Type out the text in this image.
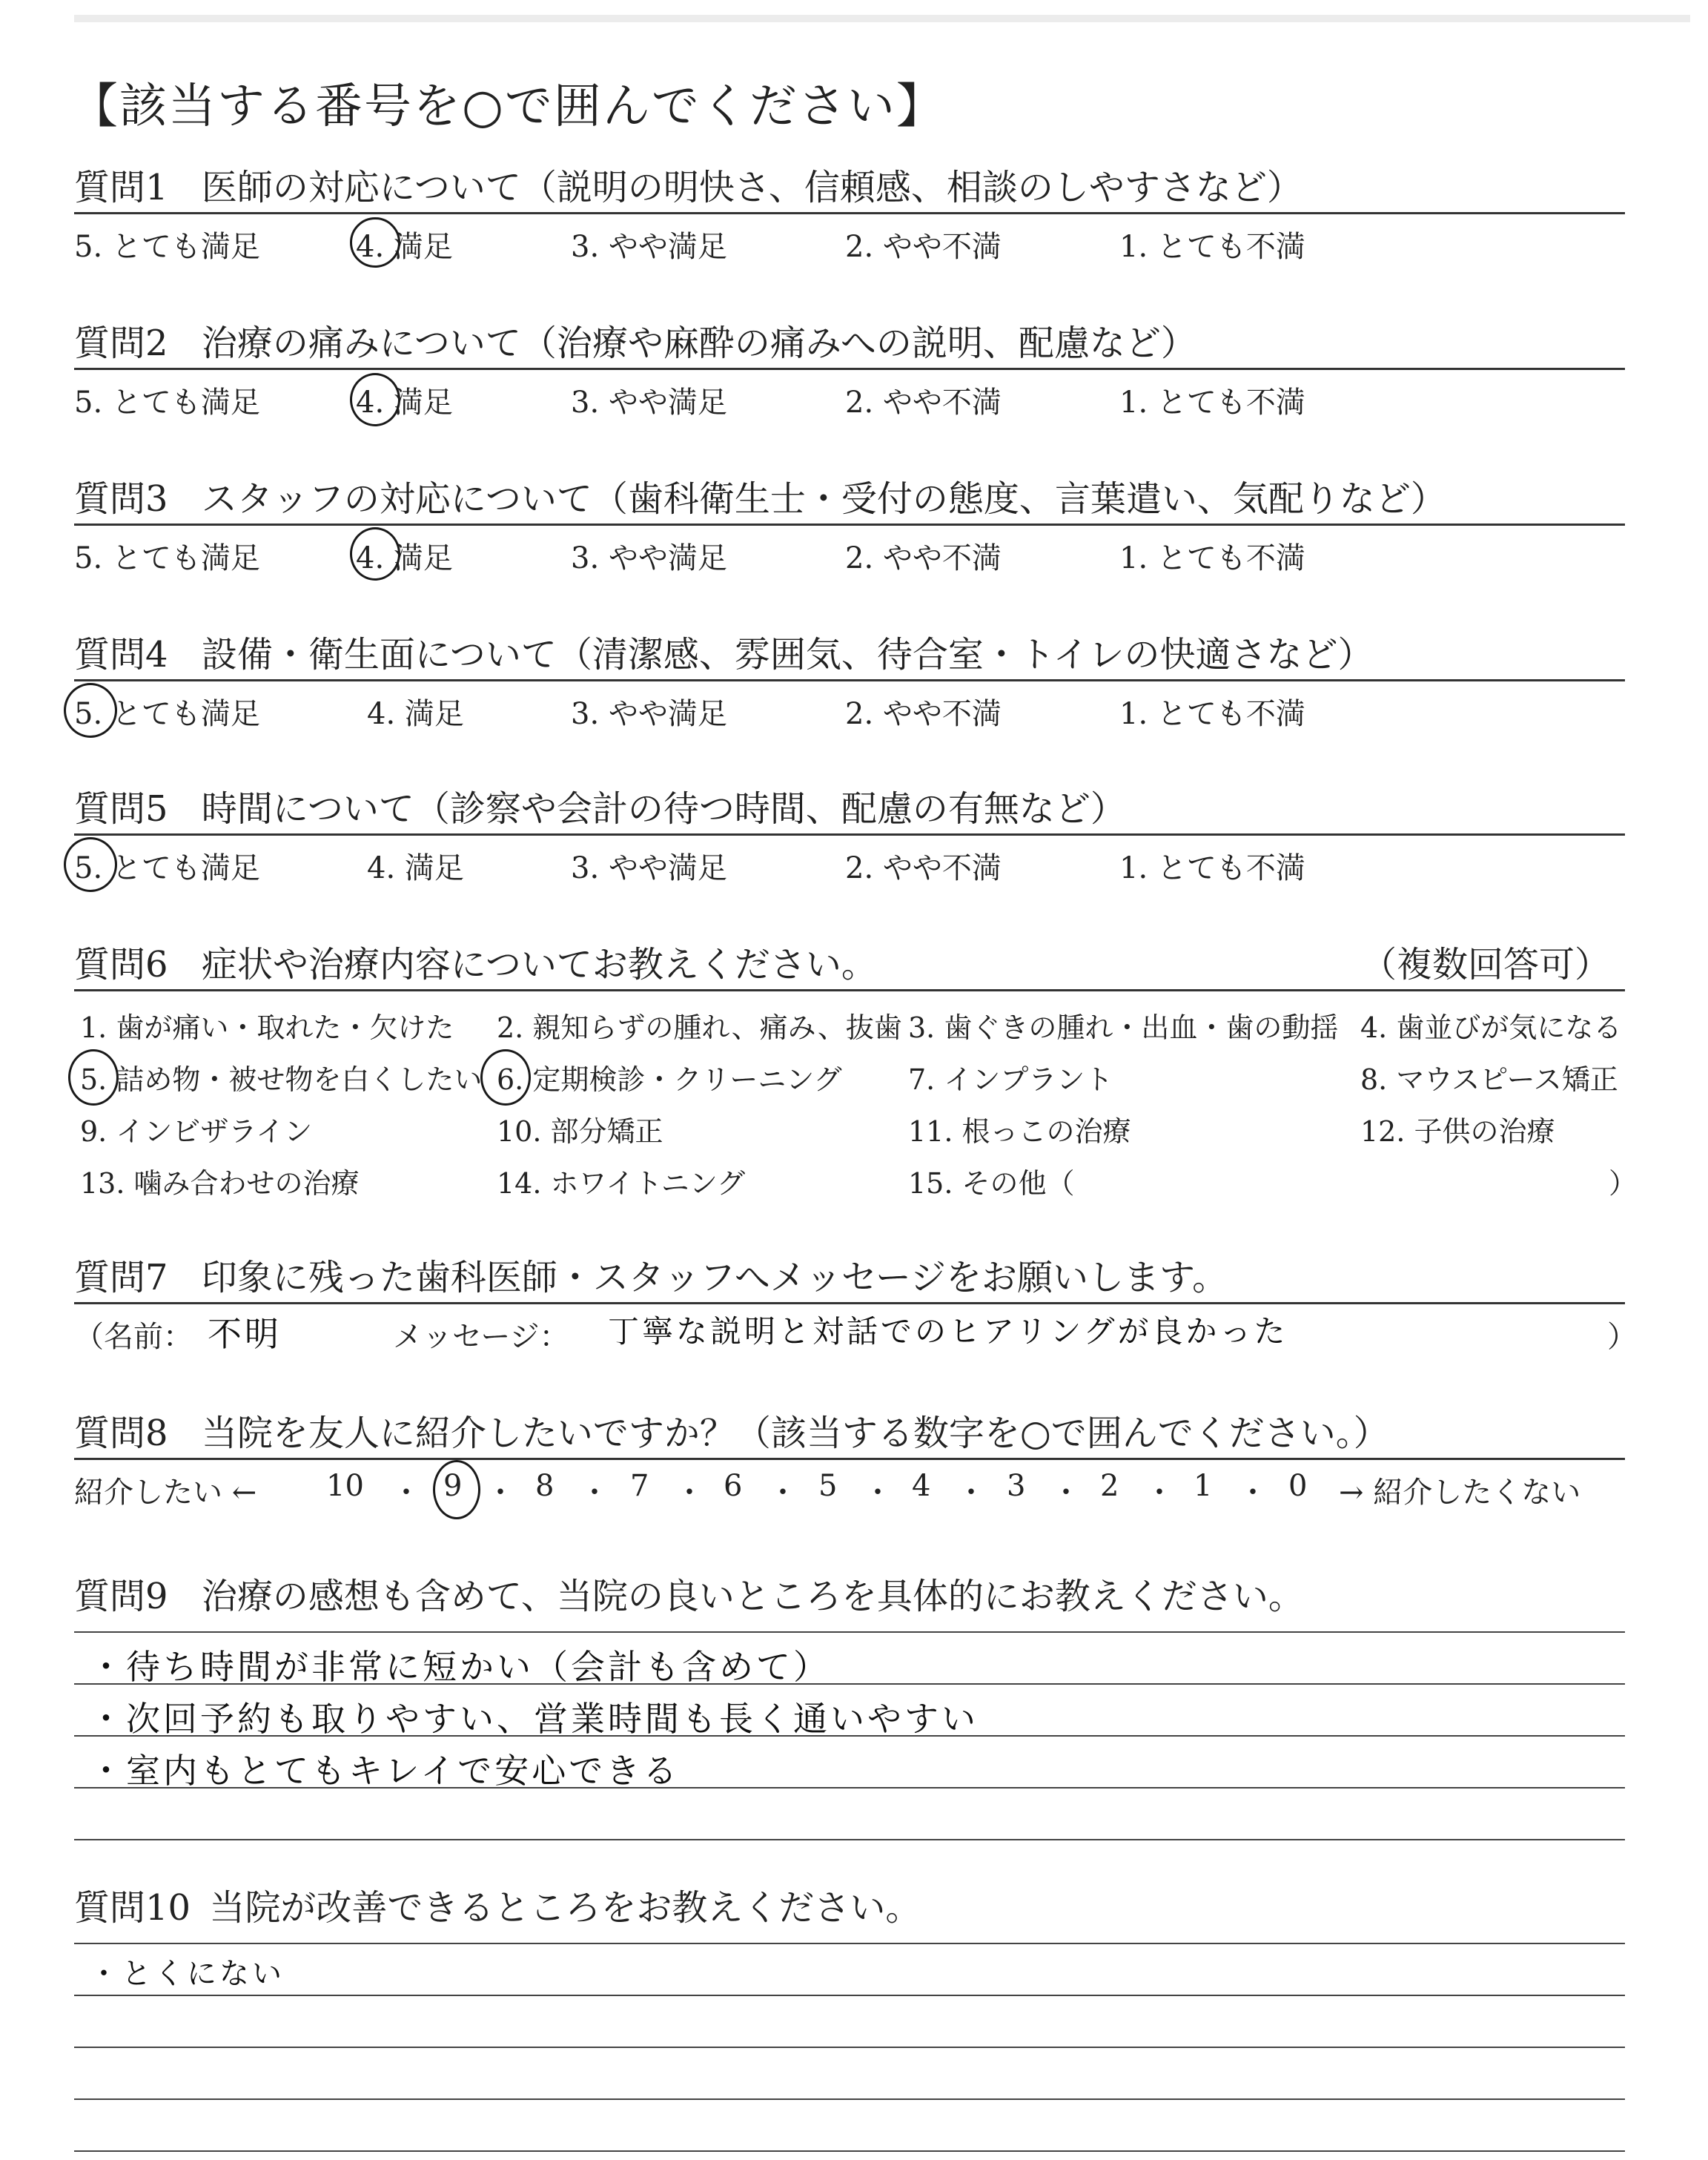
【該当する番号を○で囲んでください】
質問1 医師の対応について（説明の明快さ、信頼感、相談のしやすさなど）
5. とても満足	4. 満足	3. やや満足	2. やや不満	1. とても不満
質問2 治療の痛みについて（治療や麻酔の痛みへの説明、配慮など）
5. とても満足	4. 満足	3. やや満足	2. やや不満	1. とても不満
質問3 スタッフの対応について（歯科衛生士・受付の態度、言葉遣い、気配りなど）
5. とても満足	4. 満足	3. やや満足	2. やや不満	1. とても不満
質問4 設備・衛生面について（清潔感、雰囲気、待合室・トイレの快適さなど）
5. とても満足	4. 満足	3. やや満足	2. やや不満	1. とても不満
質問5 時間について（診察や会計の待つ時間、配慮の有無など）
5. とても満足	4. 満足	3. やや満足	2. やや不満	1. とても不満
質問6 症状や治療内容についてお教えください。	（複数回答可）
1. 歯が痛い・取れた・欠けた 2. 親知らずの腫れ、痛み、抜歯 3. 歯ぐきの腫れ・出血・歯の動揺 4. 歯並びが気になる
5. 詰め物・被せ物を白くしたい 6. 定期検診・クリーニング 7. インプラント	8. マウスピース矯正
9. インビザライン	10. 部分矯正	11. 根っこの治療	12. 子供の治療
13. 噛み合わせの治療	14. ホワイトニング	15. その他（	）
質問7 印象に残った歯科医師・スタッフへメッセージをお願いします。
（名前： 不明	メッセージ： 丁寧な説明と対話でのヒアリングが良かった	）
質問8 当院を友人に紹介したいですか？（該当する数字を○で囲んでください。）
紹介したい ← 10 ・ 9 ・ 8 ・ 7 ・ 6 ・ 5 ・ 4 ・ 3 ・ 2 ・ 1 ・ 0 → 紹介したくない
質問9 治療の感想も含めて、当院の良いところを具体的にお教えください。
・待ち時間が非常に短かい（会計も含めて）
・次回予約も取りやすい、営業時間も長く通いやすい
・室内もとてもキレイで安心できる
質問10 当院が改善できるところをお教えください。
・とくにない
